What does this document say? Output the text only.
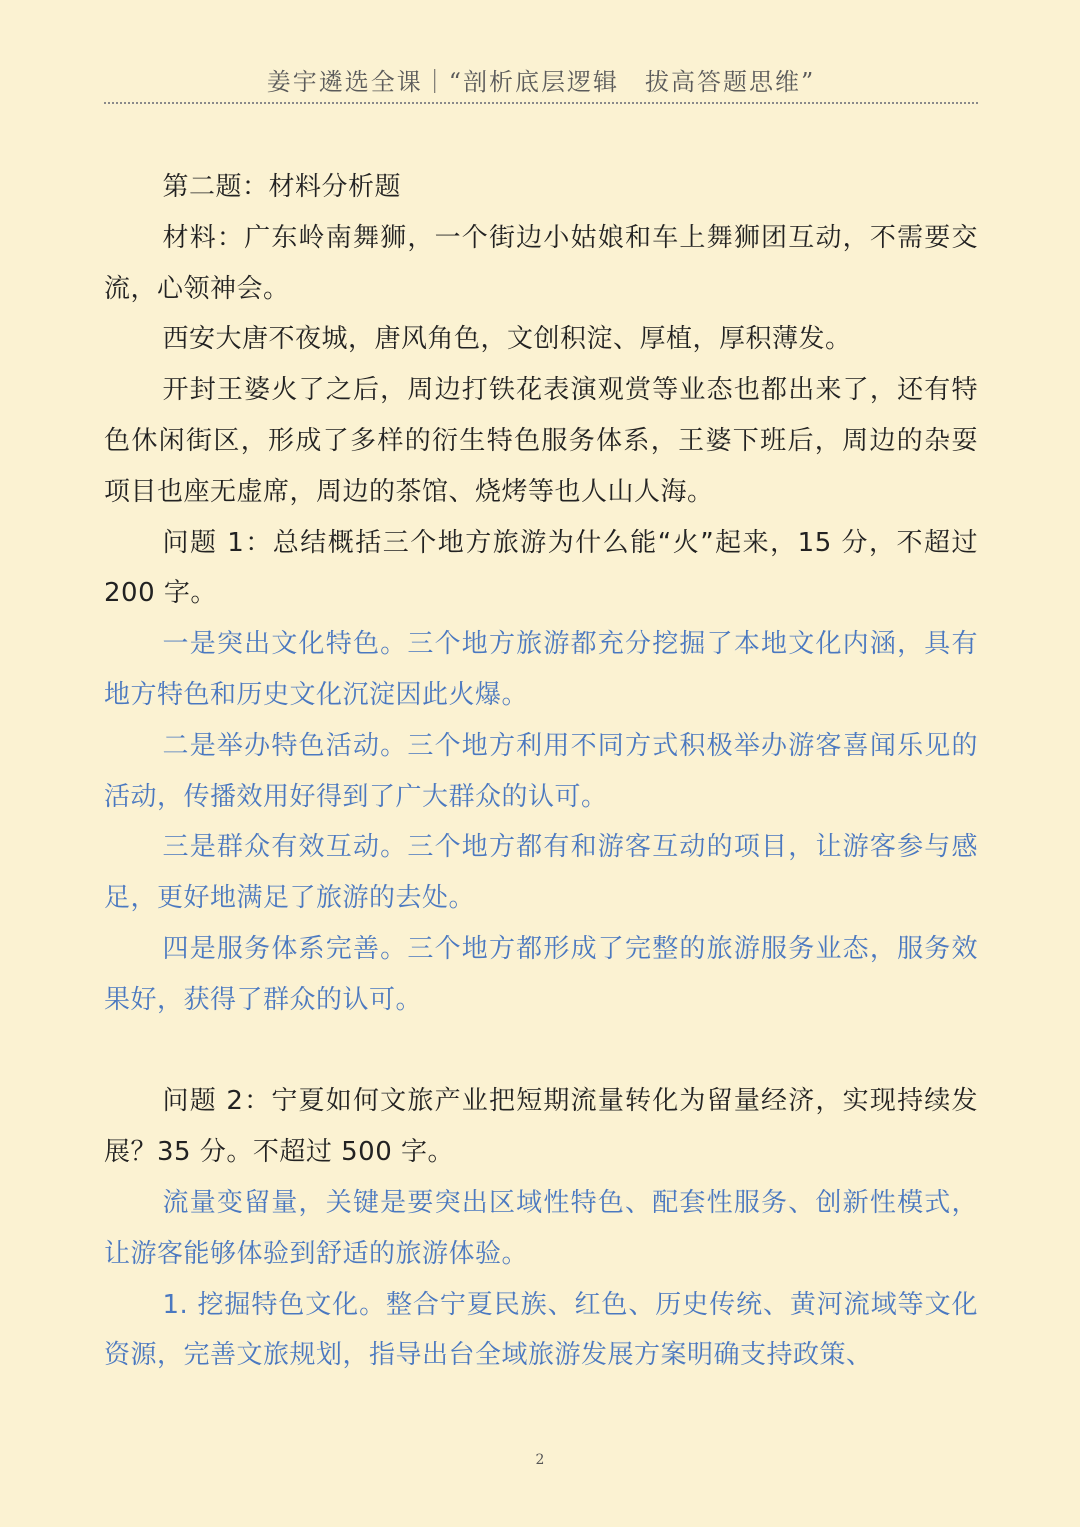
姜宇遴选全课｜“剖析底层逻辑　拔高答题思维”

第二题：材料分析题

材料：广东岭南舞狮，一个街边小姑娘和车上舞狮团互动，不需要交流，心领神会。

西安大唐不夜城，唐风角色，文创积淀、厚植，厚积薄发。

开封王婆火了之后，周边打铁花表演观赏等业态也都出来了，还有特色休闲街区，形成了多样的衍生特色服务体系，王婆下班后，周边的杂耍项目也座无虚席，周边的茶馆、烧烤等也人山人海。

问题 1：总结概括三个地方旅游为什么能“火”起来，15 分，不超过 200 字。

一是突出文化特色。三个地方旅游都充分挖掘了本地文化内涵，具有地方特色和历史文化沉淀因此火爆。

二是举办特色活动。三个地方利用不同方式积极举办游客喜闻乐见的活动，传播效用好得到了广大群众的认可。

三是群众有效互动。三个地方都有和游客互动的项目，让游客参与感足，更好地满足了旅游的去处。

四是服务体系完善。三个地方都形成了完整的旅游服务业态，服务效果好，获得了群众的认可。

问题 2：宁夏如何文旅产业把短期流量转化为留量经济，实现持续发展？35 分。不超过 500 字。

流量变留量，关键是要突出区域性特色、配套性服务、创新性模式，让游客能够体验到舒适的旅游体验。

1. 挖掘特色文化。整合宁夏民族、红色、历史传统、黄河流域等文化资源，完善文旅规划，指导出台全域旅游发展方案明确支持政策、

2
